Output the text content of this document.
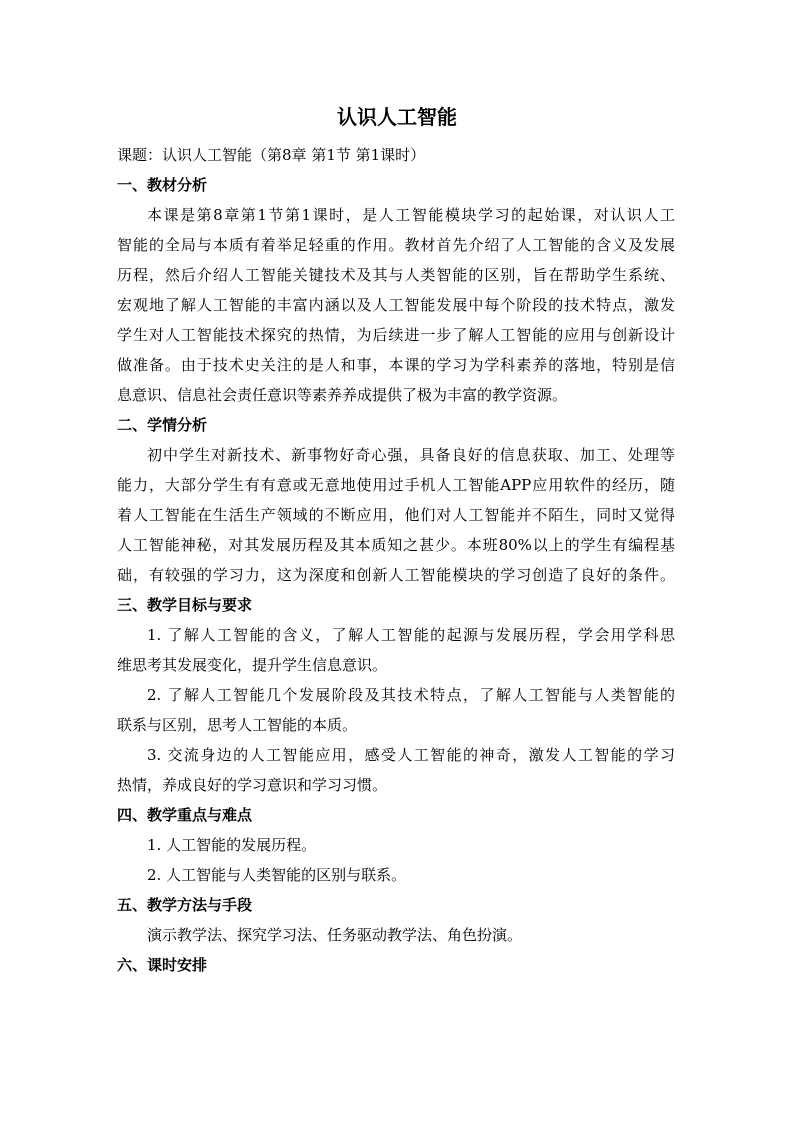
认识人工智能
课题：认识人工智能（第8章 第1节 第1课时）
一、教材分析
本课是第8章第1节第1课时，是人工智能模块学习的起始课，对认识人工
智能的全局与本质有着举足轻重的作用。教材首先介绍了人工智能的含义及发展
历程，然后介绍人工智能关键技术及其与人类智能的区别，旨在帮助学生系统、
宏观地了解人工智能的丰富内涵以及人工智能发展中每个阶段的技术特点，激发
学生对人工智能技术探究的热情，为后续进一步了解人工智能的应用与创新设计
做准备。由于技术史关注的是人和事，本课的学习为学科素养的落地，特别是信
息意识、信息社会责任意识等素养养成提供了极为丰富的教学资源。
二、学情分析
初中学生对新技术、新事物好奇心强，具备良好的信息获取、加工、处理等
能力，大部分学生有有意或无意地使用过手机人工智能APP应用软件的经历，随
着人工智能在生活生产领域的不断应用，他们对人工智能并不陌生，同时又觉得
人工智能神秘，对其发展历程及其本质知之甚少。本班80%以上的学生有编程基
础，有较强的学习力，这为深度和创新人工智能模块的学习创造了良好的条件。
三、教学目标与要求
1. 了解人工智能的含义，了解人工智能的起源与发展历程，学会用学科思
维思考其发展变化，提升学生信息意识。
2. 了解人工智能几个发展阶段及其技术特点，了解人工智能与人类智能的
联系与区别，思考人工智能的本质。
3. 交流身边的人工智能应用，感受人工智能的神奇，激发人工智能的学习
热情，养成良好的学习意识和学习习惯。
四、教学重点与难点
1. 人工智能的发展历程。
2. 人工智能与人类智能的区别与联系。
五、教学方法与手段
演示教学法、探究学习法、任务驱动教学法、角色扮演。
六、课时安排
